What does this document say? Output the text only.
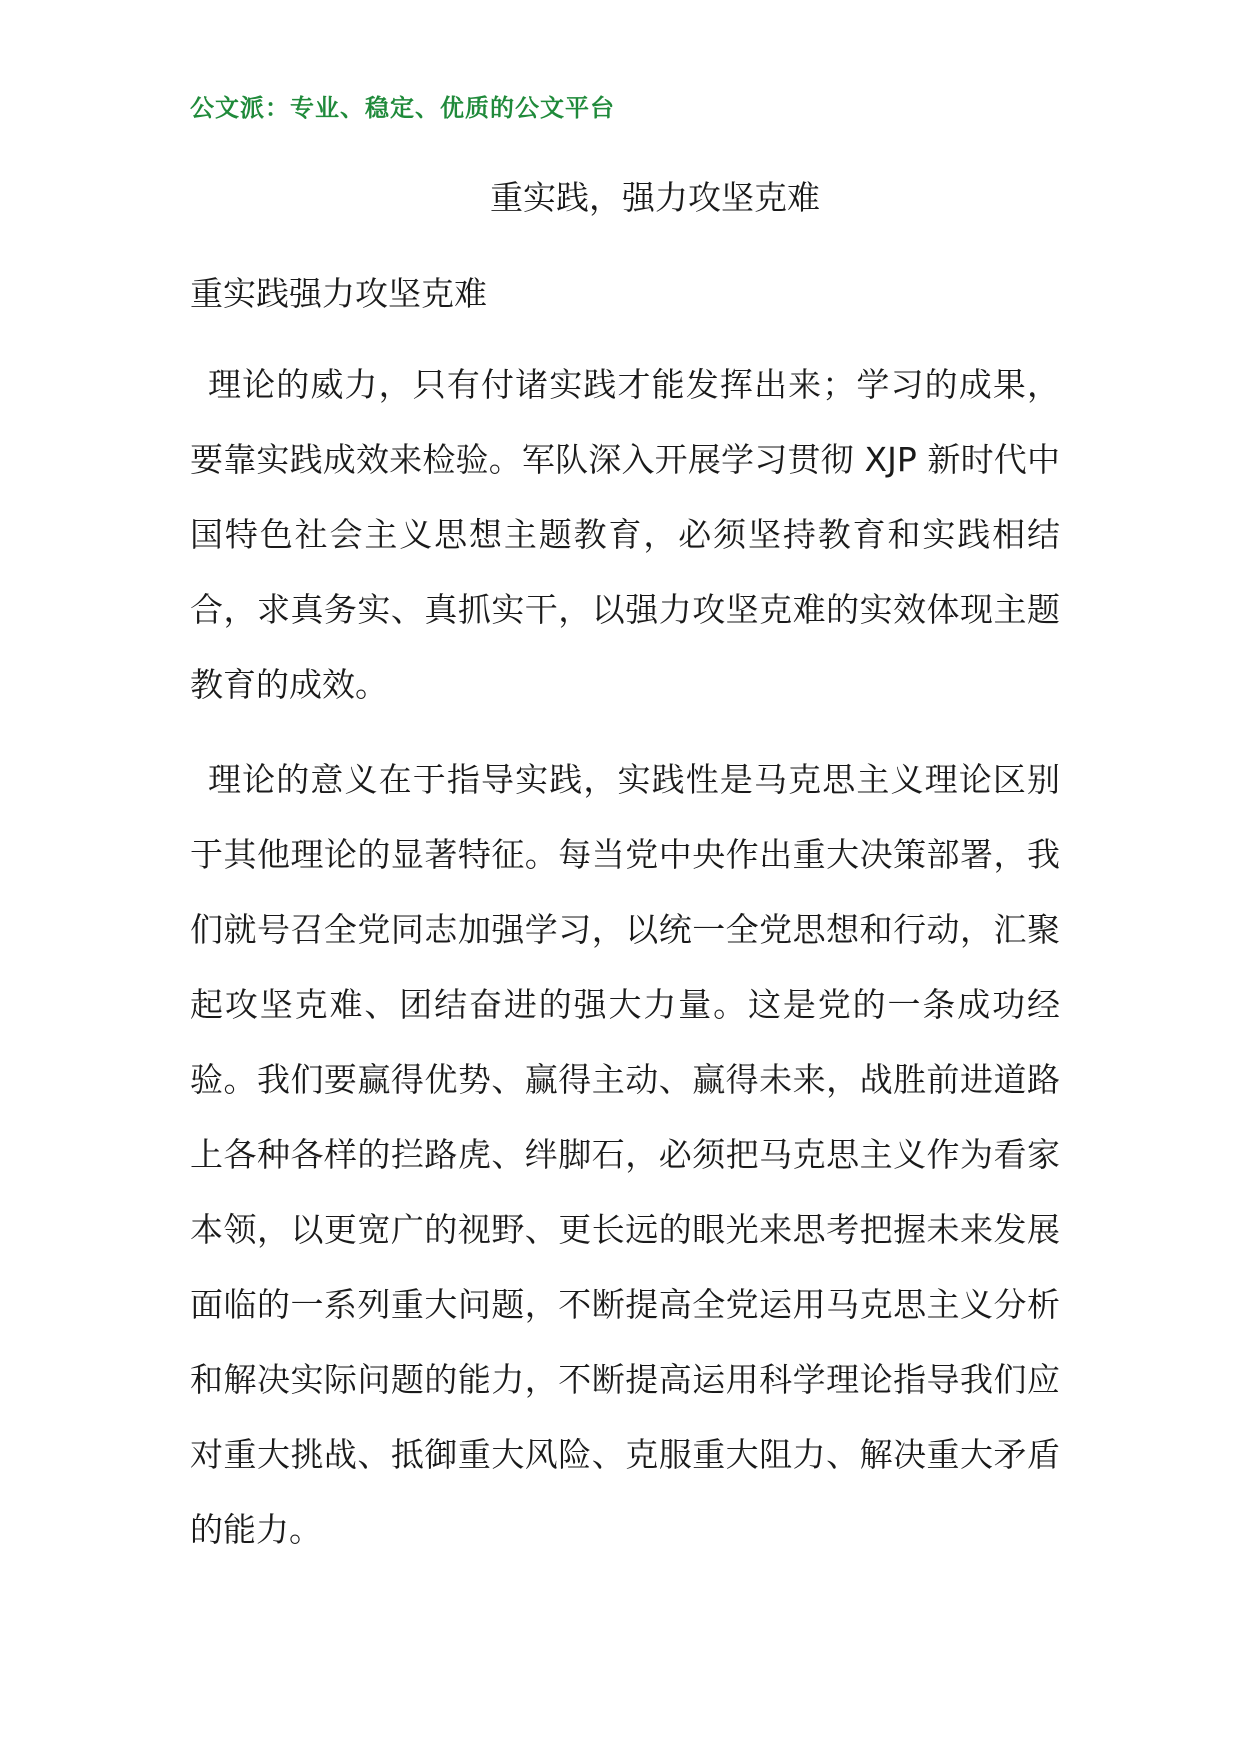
公文派：专业、稳定、优质的公文平台
重实践，强力攻坚克难
重实践强力攻坚克难

理论的威力，只有付诸实践才能发挥出来；学习的成果，要靠实践成效来检验。军队深入开展学习贯彻 XJP 新时代中国特色社会主义思想主题教育，必须坚持教育和实践相结合，求真务实、真抓实干，以强力攻坚克难的实效体现主题教育的成效。

理论的意义在于指导实践，实践性是马克思主义理论区别于其他理论的显著特征。每当党中央作出重大决策部署，我们就号召全党同志加强学习，以统一全党思想和行动，汇聚起攻坚克难、团结奋进的强大力量。这是党的一条成功经验。我们要赢得优势、赢得主动、赢得未来，战胜前进道路上各种各样的拦路虎、绊脚石，必须把马克思主义作为看家本领，以更宽广的视野、更长远的眼光来思考把握未来发展面临的一系列重大问题，不断提高全党运用马克思主义分析和解决实际问题的能力，不断提高运用科学理论指导我们应对重大挑战、抵御重大风险、克服重大阻力、解决重大矛盾的能力。
